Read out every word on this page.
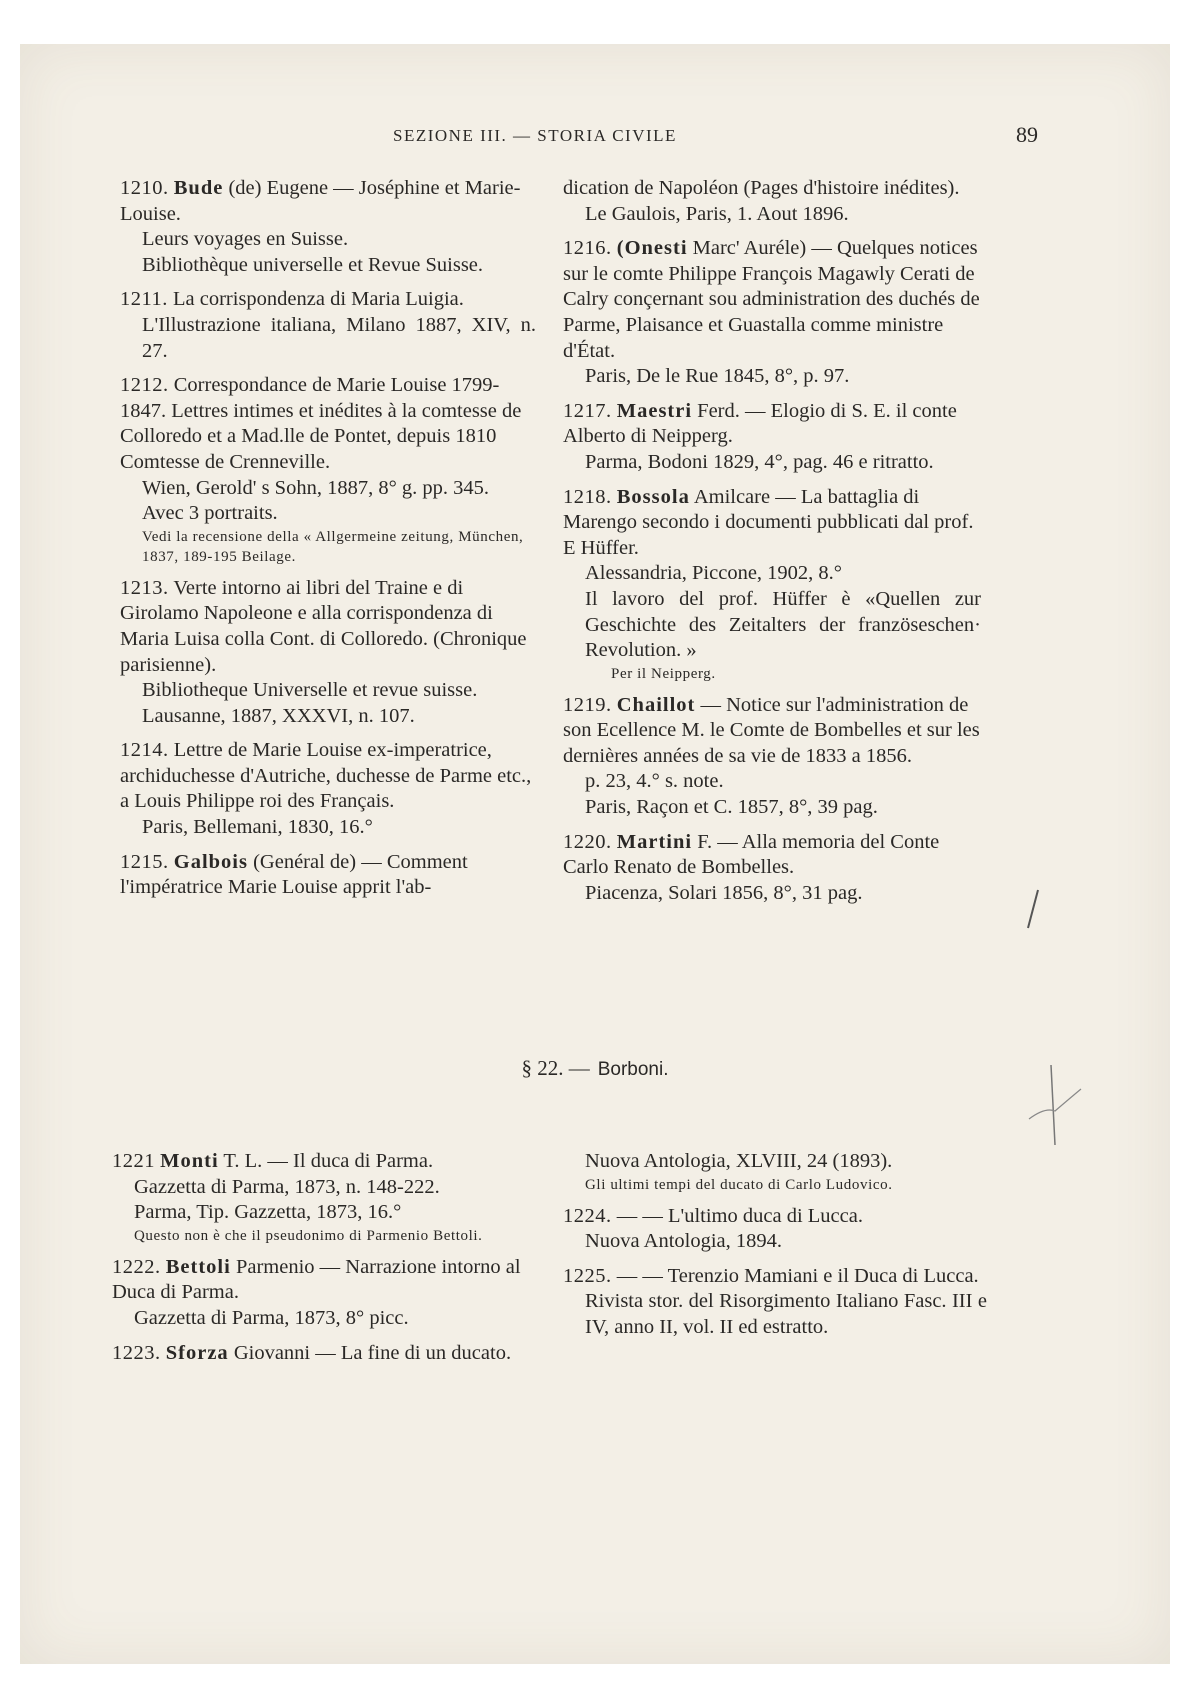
SEZIONE III. — STORIA CIVILE	89
1210. Bude (de) Eugene — Joséphine et Marie-Louise.
Leurs voyages en Suisse.
Bibliothèque universelle et Revue Suisse.
1211. La corrispondenza di Maria Luigia.
L'Illustrazione italiana, Milano 1887, XIV, n. 27.
1212. Correspondance de Marie Louise 1799-1847. Lettres intimes et inédites à la comtesse de Colloredo et a Mad.lle de Pontet, depuis 1810 Comtesse de Crenneville.
Wien, Gerold' s Sohn, 1887, 8° g. pp. 345.
Avec 3 portraits.
Vedi la recensione della « Allgermeine zeitung, München, 1837, 189-195 Beilage.
1213. Verte intorno ai libri del Traine e di Girolamo Napoleone e alla corrispondenza di Maria Luisa colla Cont. di Colloredo. (Chronique parisienne).
Bibliotheque Universelle et revue suisse.
Lausanne, 1887, XXXVI, n. 107.
1214. Lettre de Marie Louise ex-imperatrice, archiduchesse d'Autriche, duchesse de Parme etc., a Louis Philippe roi des Français.
Paris, Bellemani, 1830, 16.°
1215. Galbois (Genéral de) — Comment l'impératrice Marie Louise apprit l'ab-
dication de Napoléon (Pages d'histoire inédites).
Le Gaulois, Paris, 1. Aout 1896.
1216. (Onesti Marc' Auréle) — Quelques notices sur le comte Philippe François Magawly Cerati de Calry conçernant sou administration des duchés de Parme, Plaisance et Guastalla comme ministre d'État.
Paris, De le Rue 1845, 8°, p. 97.
1217. Maestri Ferd. — Elogio di S. E. il conte Alberto di Neipperg.
Parma, Bodoni 1829, 4°, pag. 46 e ritratto.
1218. Bossola Amilcare — La battaglia di Marengo secondo i documenti pubblicati dal prof. E Hüffer.
Alessandria, Piccone, 1902, 8.°
Il lavoro del prof. Hüffer è «Quellen zur Geschichte des Zeitalters der französeschen· Revolution. »
Per il Neipperg.
1219. Chaillot — Notice sur l'administration de son Ecellence M. le Comte de Bombelles et sur les dernières années de sa vie de 1833 a 1856.
p. 23, 4.° s. note.
Paris, Raçon et C. 1857, 8°, 39 pag.
1220. Martini F. — Alla memoria del Conte Carlo Renato de Bombelles.
Piacenza, Solari 1856, 8°, 31 pag.
§ 22. — Borboni.
1221 Monti T. L. — Il duca di Parma.
Gazzetta di Parma, 1873, n. 148-222.
Parma, Tip. Gazzetta, 1873, 16.°
Questo non è che il pseudonimo di Parmenio Bettoli.
1222. Bettoli Parmenio — Narrazione intorno al Duca di Parma.
Gazzetta di Parma, 1873, 8° picc.
1223. Sforza Giovanni — La fine di un ducato.
Nuova Antologia, XLVIII, 24 (1893).
Gli ultimi tempi del ducato di Carlo Ludovico.
1224. — — L'ultimo duca di Lucca.
Nuova Antologia, 1894.
1225. — — Terenzio Mamiani e il Duca di Lucca.
Rivista stor. del Risorgimento Italiano Fasc. III e IV, anno II, vol. II ed estratto.
